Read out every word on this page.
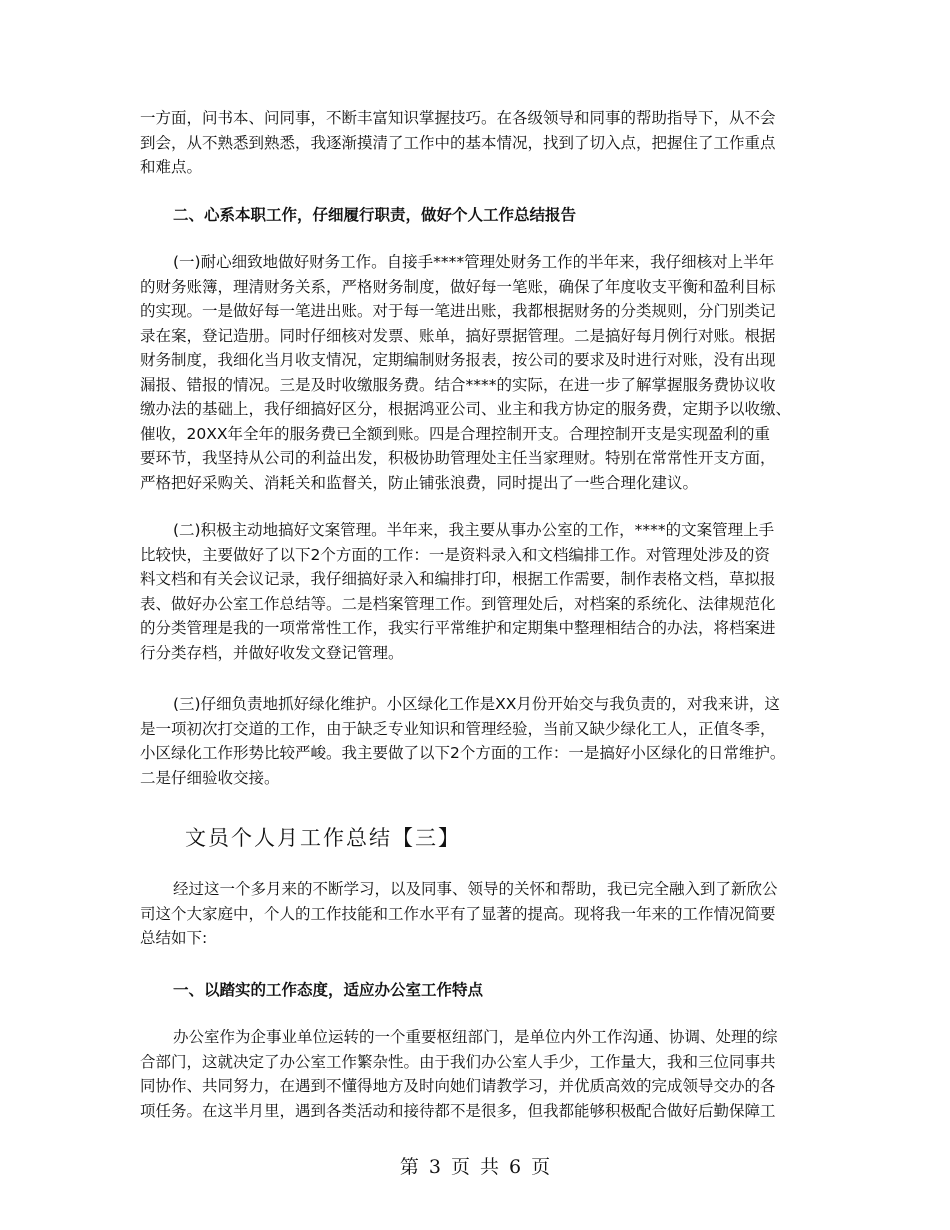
一方面，问书本、问同事，不断丰富知识掌握技巧。在各级领导和同事的帮助指导下，从不会
到会，从不熟悉到熟悉，我逐渐摸清了工作中的基本情况，找到了切入点，把握住了工作重点
和难点。
二、心系本职工作，仔细履行职责，做好个人工作总结报告
(一)耐心细致地做好财务工作。自接手****管理处财务工作的半年来，我仔细核对上半年
的财务账簿，理清财务关系，严格财务制度，做好每一笔账，确保了年度收支平衡和盈利目标
的实现。一是做好每一笔进出账。对于每一笔进出账，我都根据财务的分类规则，分门别类记
录在案，登记造册。同时仔细核对发票、账单，搞好票据管理。二是搞好每月例行对账。根据
财务制度，我细化当月收支情况，定期编制财务报表，按公司的要求及时进行对账，没有出现
漏报、错报的情况。三是及时收缴服务费。结合****的实际，在进一步了解掌握服务费协议收
缴办法的基础上，我仔细搞好区分，根据鸿亚公司、业主和我方协定的服务费，定期予以收缴、
催收，20XX年全年的服务费已全额到账。四是合理控制开支。合理控制开支是实现盈利的重
要环节，我坚持从公司的利益出发，积极协助管理处主任当家理财。特别在常常性开支方面，
严格把好采购关、消耗关和监督关，防止铺张浪费，同时提出了一些合理化建议。
(二)积极主动地搞好文案管理。半年来，我主要从事办公室的工作，****的文案管理上手
比较快，主要做好了以下2个方面的工作：一是资料录入和文档编排工作。对管理处涉及的资
料文档和有关会议记录，我仔细搞好录入和编排打印，根据工作需要，制作表格文档，草拟报
表、做好办公室工作总结等。二是档案管理工作。到管理处后，对档案的系统化、法律规范化
的分类管理是我的一项常常性工作，我实行平常维护和定期集中整理相结合的办法，将档案进
行分类存档，并做好收发文登记管理。
(三)仔细负责地抓好绿化维护。小区绿化工作是XX月份开始交与我负责的，对我来讲，这
是一项初次打交道的工作，由于缺乏专业知识和管理经验，当前又缺少绿化工人，正值冬季，
小区绿化工作形势比较严峻。我主要做了以下2个方面的工作：一是搞好小区绿化的日常维护。
二是仔细验收交接。
文员个人月工作总结【三】
经过这一个多月来的不断学习，以及同事、领导的关怀和帮助，我已完全融入到了新欣公
司这个大家庭中，个人的工作技能和工作水平有了显著的提高。现将我一年来的工作情况简要
总结如下:
一、以踏实的工作态度，适应办公室工作特点
办公室作为企事业单位运转的一个重要枢纽部门，是单位内外工作沟通、协调、处理的综
合部门，这就决定了办公室工作繁杂性。由于我们办公室人手少，工作量大，我和三位同事共
同协作、共同努力，在遇到不懂得地方及时向她们请教学习，并优质高效的完成领导交办的各
项任务。在这半月里，遇到各类活动和接待都不是很多，但我都能够积极配合做好后勤保障工
第 3 页 共 6 页
